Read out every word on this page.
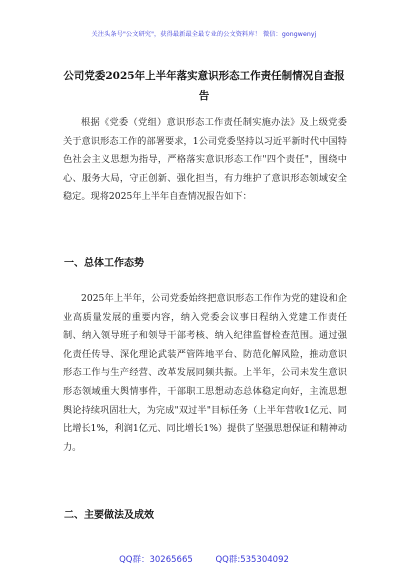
关注头条号"公文研究"，获得最新最全最专业的公文资料库！ 微信：gongwenyj
公司党委2025年上半年落实意识形态工作责任制情况自查报告
根据《党委（党组）意识形态工作责任制实施办法》及上级党委关于意识形态工作的部署要求，1公司党委坚持以习近平新时代中国特色社会主义思想为指导，严格落实意识形态工作"四个责任"，围绕中心、服务大局，守正创新、强化担当，有力维护了意识形态领域安全稳定。现将2025年上半年自查情况报告如下：
一、总体工作态势
2025年上半年，公司党委始终把意识形态工作作为党的建设和企业高质量发展的重要内容，纳入党委会议事日程纳入党建工作责任制、纳入领导班子和领导干部考核、纳入纪律监督检查范围。通过强化责任传导、深化理论武装严管阵地平台、防范化解风险，推动意识形态工作与生产经营、改革发展同频共振。上半年，公司未发生意识形态领域重大舆情事件，干部职工思想动态总体稳定向好，主流思想舆论持续巩固壮大，为完成"双过半"目标任务（上半年营收1亿元、同比增长1%，利润1亿元、同比增长1%）提供了坚强思想保证和精神动力。
二、主要做法及成效
QQ群：30265665	QQ群:535304092
